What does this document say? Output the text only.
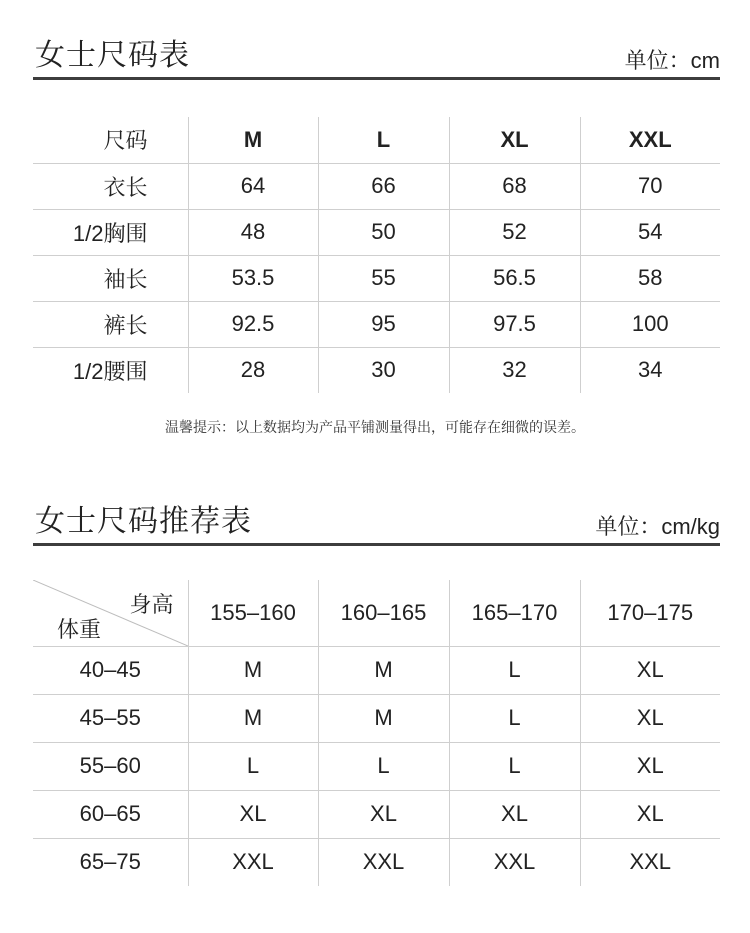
女士尺码表	单位：cm
尺码	M	L	XL	XXL
衣长	64	66	68	70
1/2胸围	48	50	52	54
袖长	53.5	55	56.5	58
裤长	92.5	95	97.5	100
1/2腰围	28	30	32	34
温馨提示：以上数据均为产品平铺测量得出，可能存在细微的误差。
女士尺码推荐表	单位：cm/kg
身高
体重	155–160	160–165	165–170	170–175
40–45	M	M	L	XL
45–55	M	M	L	XL
55–60	L	L	L	XL
60–65	XL	XL	XL	XL
65–75	XXL	XXL	XXL	XXL
